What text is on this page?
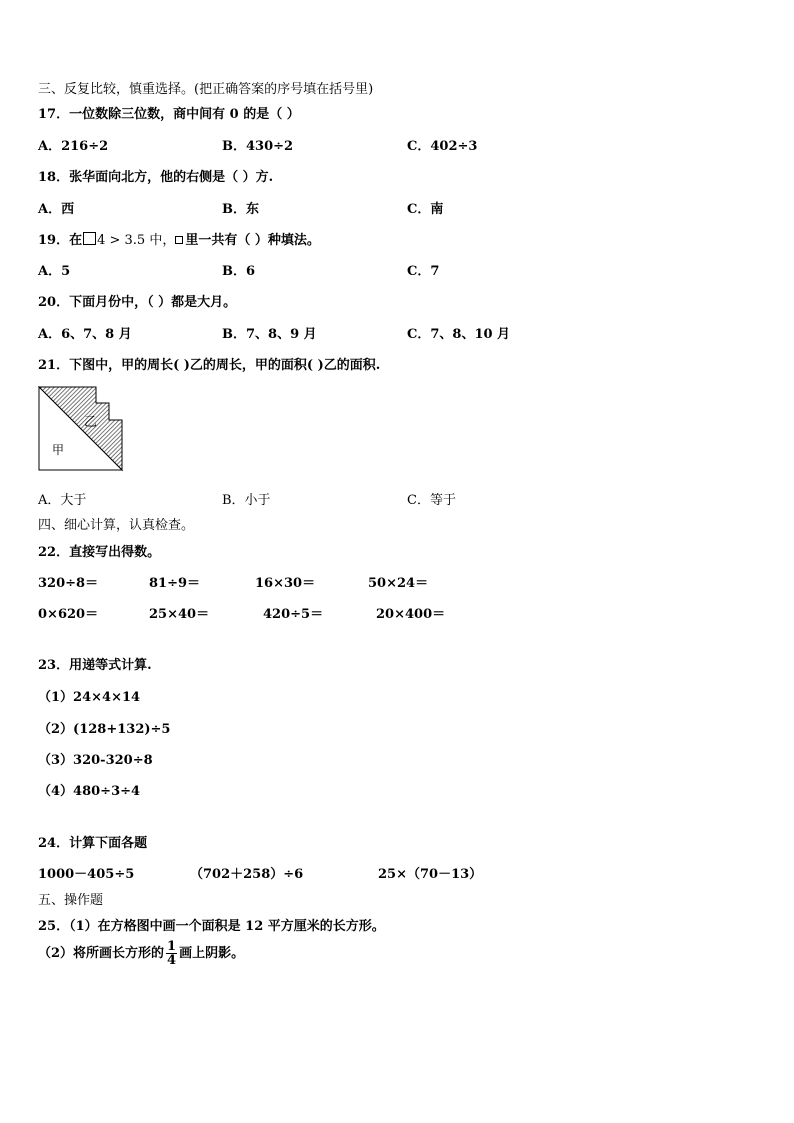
三、反复比较，慎重选择。(把正确答案的序号填在括号里)
17．一位数除三位数，商中间有 0 的是（ ）
A．216÷2	B．430÷2	C．402÷3
18．张华面向北方，他的右侧是（ ）方.
A．西	B．东	C．南
19．在 4 > 3.5 中， 里一共有（ ）种填法。
A．5	B．6	C．7
20．下面月份中，（ ）都是大月。
A．6、7、8 月	B．7、8、9 月	C．7、8、10 月
21．下图中，甲的周长( )乙的周长，甲的面积( )乙的面积.
甲
乙
A．大于	B．小于	C．等于
四、细心计算，认真检查。
22．直接写出得数。
320÷8＝	81÷9＝	16×30＝	50×24＝
0×620＝	25×40＝	420÷5＝	20×400＝
23．用递等式计算.
（1）24×4×14
（2）(128+132)÷5
（3）320-320÷8
（4）480÷3÷4
24．计算下面各题
1000－405÷5	（702＋258）÷6	25×（70－13）
五、操作题
25．（1）在方格图中画一个面积是 12 平方厘米的长方形。
（2）将所画长方形的 $\frac{1}{4}$ 画上阴影。
